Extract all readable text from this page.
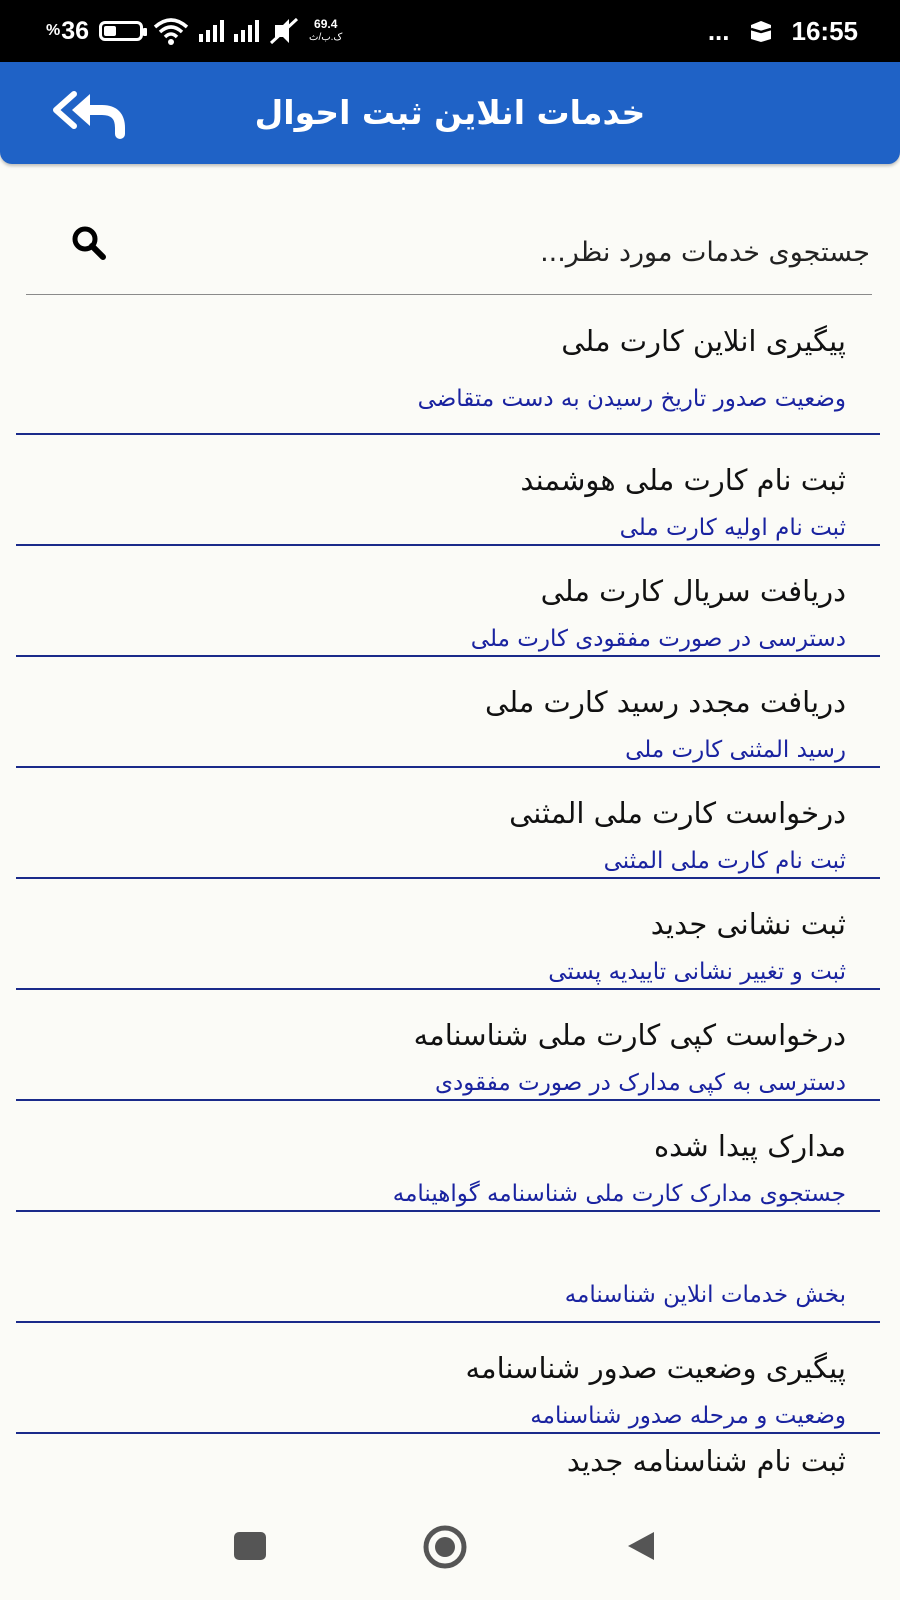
% 36	69.4
ک.ب/ث	... 16:55
خدمات انلاین ثبت احوال
جستجوی خدمات مورد نظر...
پیگیری انلاین کارت ملی
وضعیت صدور تاریخ رسیدن به دست متقاضی
ثبت نام کارت ملی هوشمند
ثبت نام اولیه کارت ملی
دریافت سریال کارت ملی
دسترسی در صورت مفقودی کارت ملی
دریافت مجدد رسید کارت ملی
رسید المثنی کارت ملی
درخواست کارت ملی المثنی
ثبت نام کارت ملی المثنی
ثبت نشانی جدید
ثبت و تغییر نشانی تاییدیه پستی
درخواست کپی کارت ملی شناسنامه
دسترسی به کپی مدارک در صورت مفقودی
مدارک پیدا شده
جستجوی مدارک کارت ملی شناسنامه گواهینامه
بخش خدمات انلاین شناسنامه
پیگیری وضعیت صدور شناسنامه
وضعیت و مرحله صدور شناسنامه
ثبت نام شناسنامه جدید
